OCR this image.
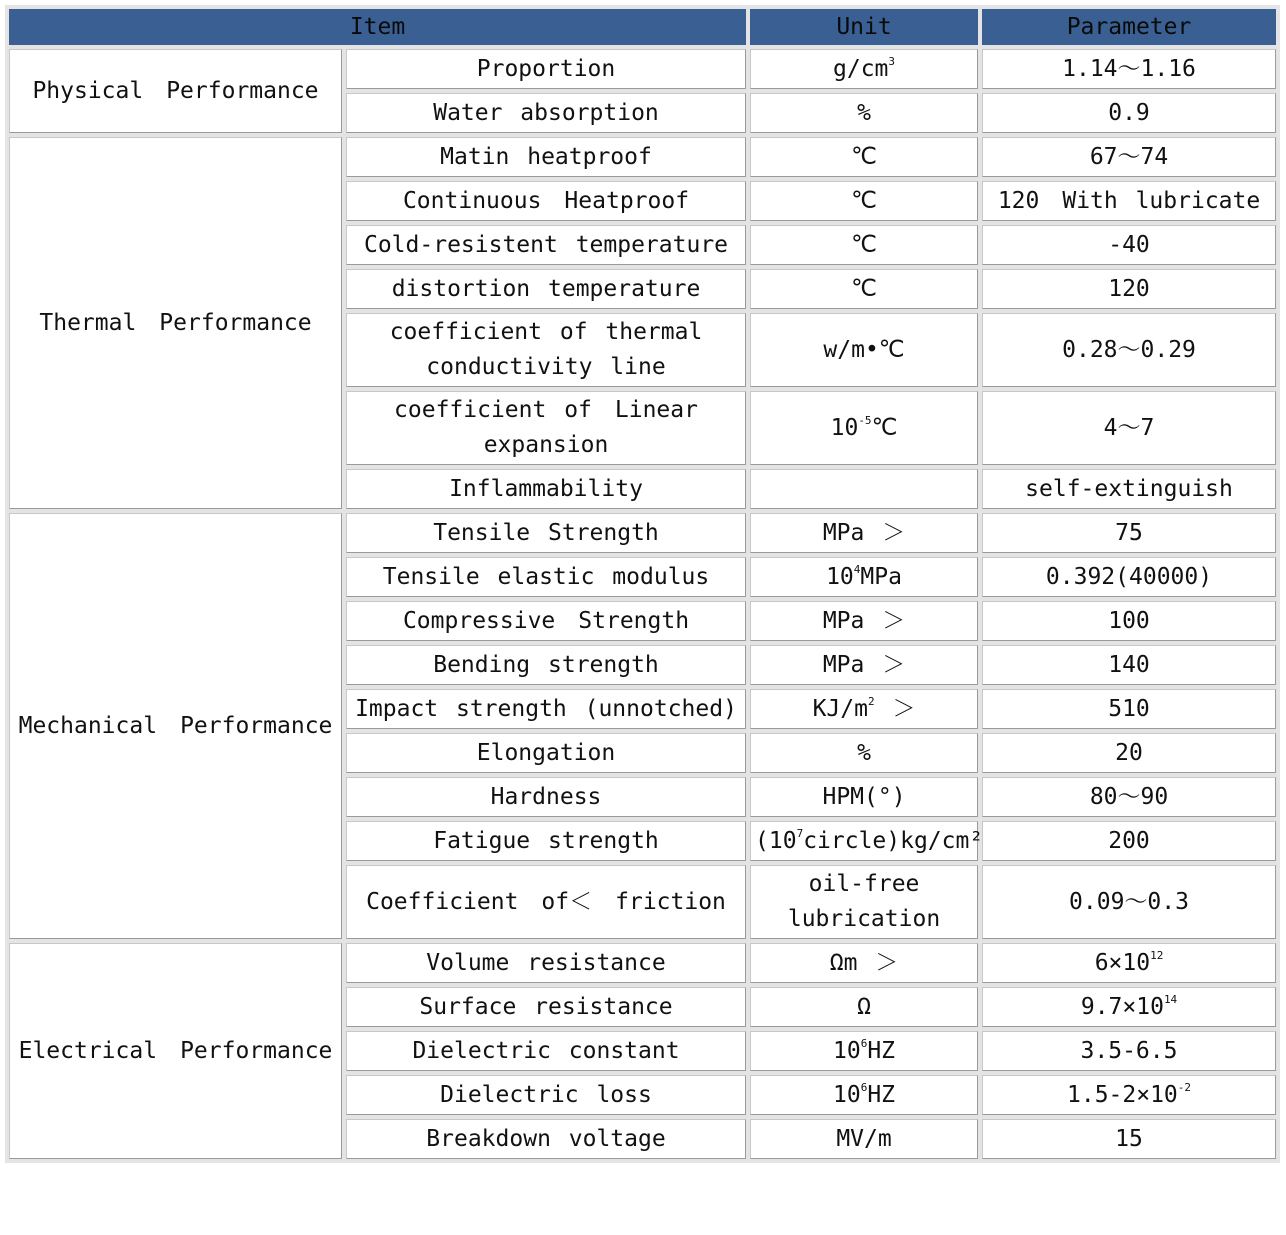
Item		Unit	Parameter
Physical　Performance	Proportion	$g/cm^3$	1.14～1.16
	Water absorption	%	0.9
Thermal　Performance	Matin heatproof	℃	67～74
	Continuous　Heatproof	℃	120　With lubricate
	Cold-resistent temperature	℃	-40
	distortion temperature	℃	120
	coefficient of thermal conductivity line	w/m•℃	0.28～0.29
	coefficient of　Linear expansion	$10^{-5}℃$	4～7
	Inflammability		self-extinguish
Mechanical　Performance	Tensile Strength	MPa ＞	75
	Tensile elastic modulus	$10^4MPa$	0.392(40000)
	Compressive　Strength	MPa ＞	100
	Bending strength	MPa ＞	140
	Impact strength (unnotched)	$KJ/m^2$ ＞	510
	Elongation	%	20
	Hardness	HPM(°)	80～90
	Fatigue strength	$(10^7circle)kg$/cm²	200
	Coefficient　of＜　friction	oil-free lubrication	0.09～0.3
Electrical　Performance	Volume resistance	Ωm ＞	$6\times 10^{12}$
	Surface resistance	Ω	$9.7\times 10^{14}$
	Dielectric constant	$10^6HZ$	3.5-6.5
	Dielectric loss	$10^6HZ$	$1.5-2\times 10^{-2}$
	Breakdown voltage	MV/m	15
